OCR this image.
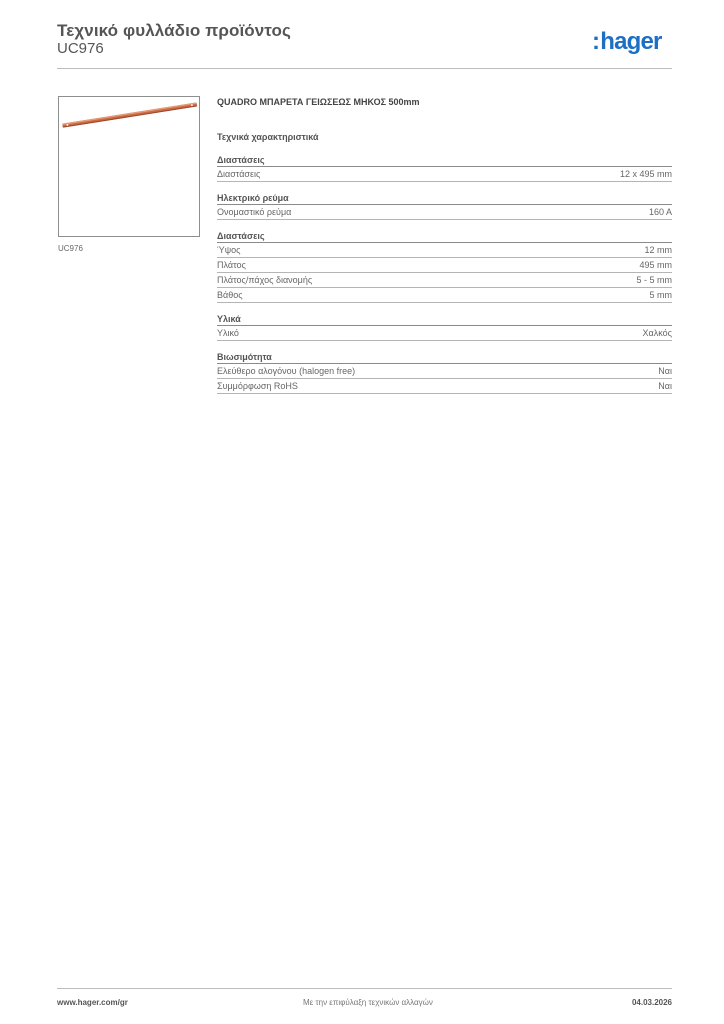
Τεχνικό φυλλάδιο προϊόντος
UC976	:hager
UC976
QUADRO ΜΠΑΡΕΤΑ ΓΕΙΩΣΕΩΣ ΜΗΚΟΣ 500mm
Τεχνικά χαρακτηριστικά
Διαστάσεις
Διαστάσεις	12 x 495 mm
Ηλεκτρικό ρεύμα
Ονομαστικό ρεύμα	160 A
Διαστάσεις
Ύψος	12 mm
Πλάτος	495 mm
Πλάτος/πάχος διανομής	5 - 5 mm
Βάθος	5 mm
Υλικά
Υλικό	Χαλκός
Βιωσιμότητα
Ελεύθερο αλογόνου (halogen free)	Ναι
Συμμόρφωση RoHS	Ναι
www.hager.com/gr	Με την επιφύλαξη τεχνικών αλλαγών	04.03.2026
